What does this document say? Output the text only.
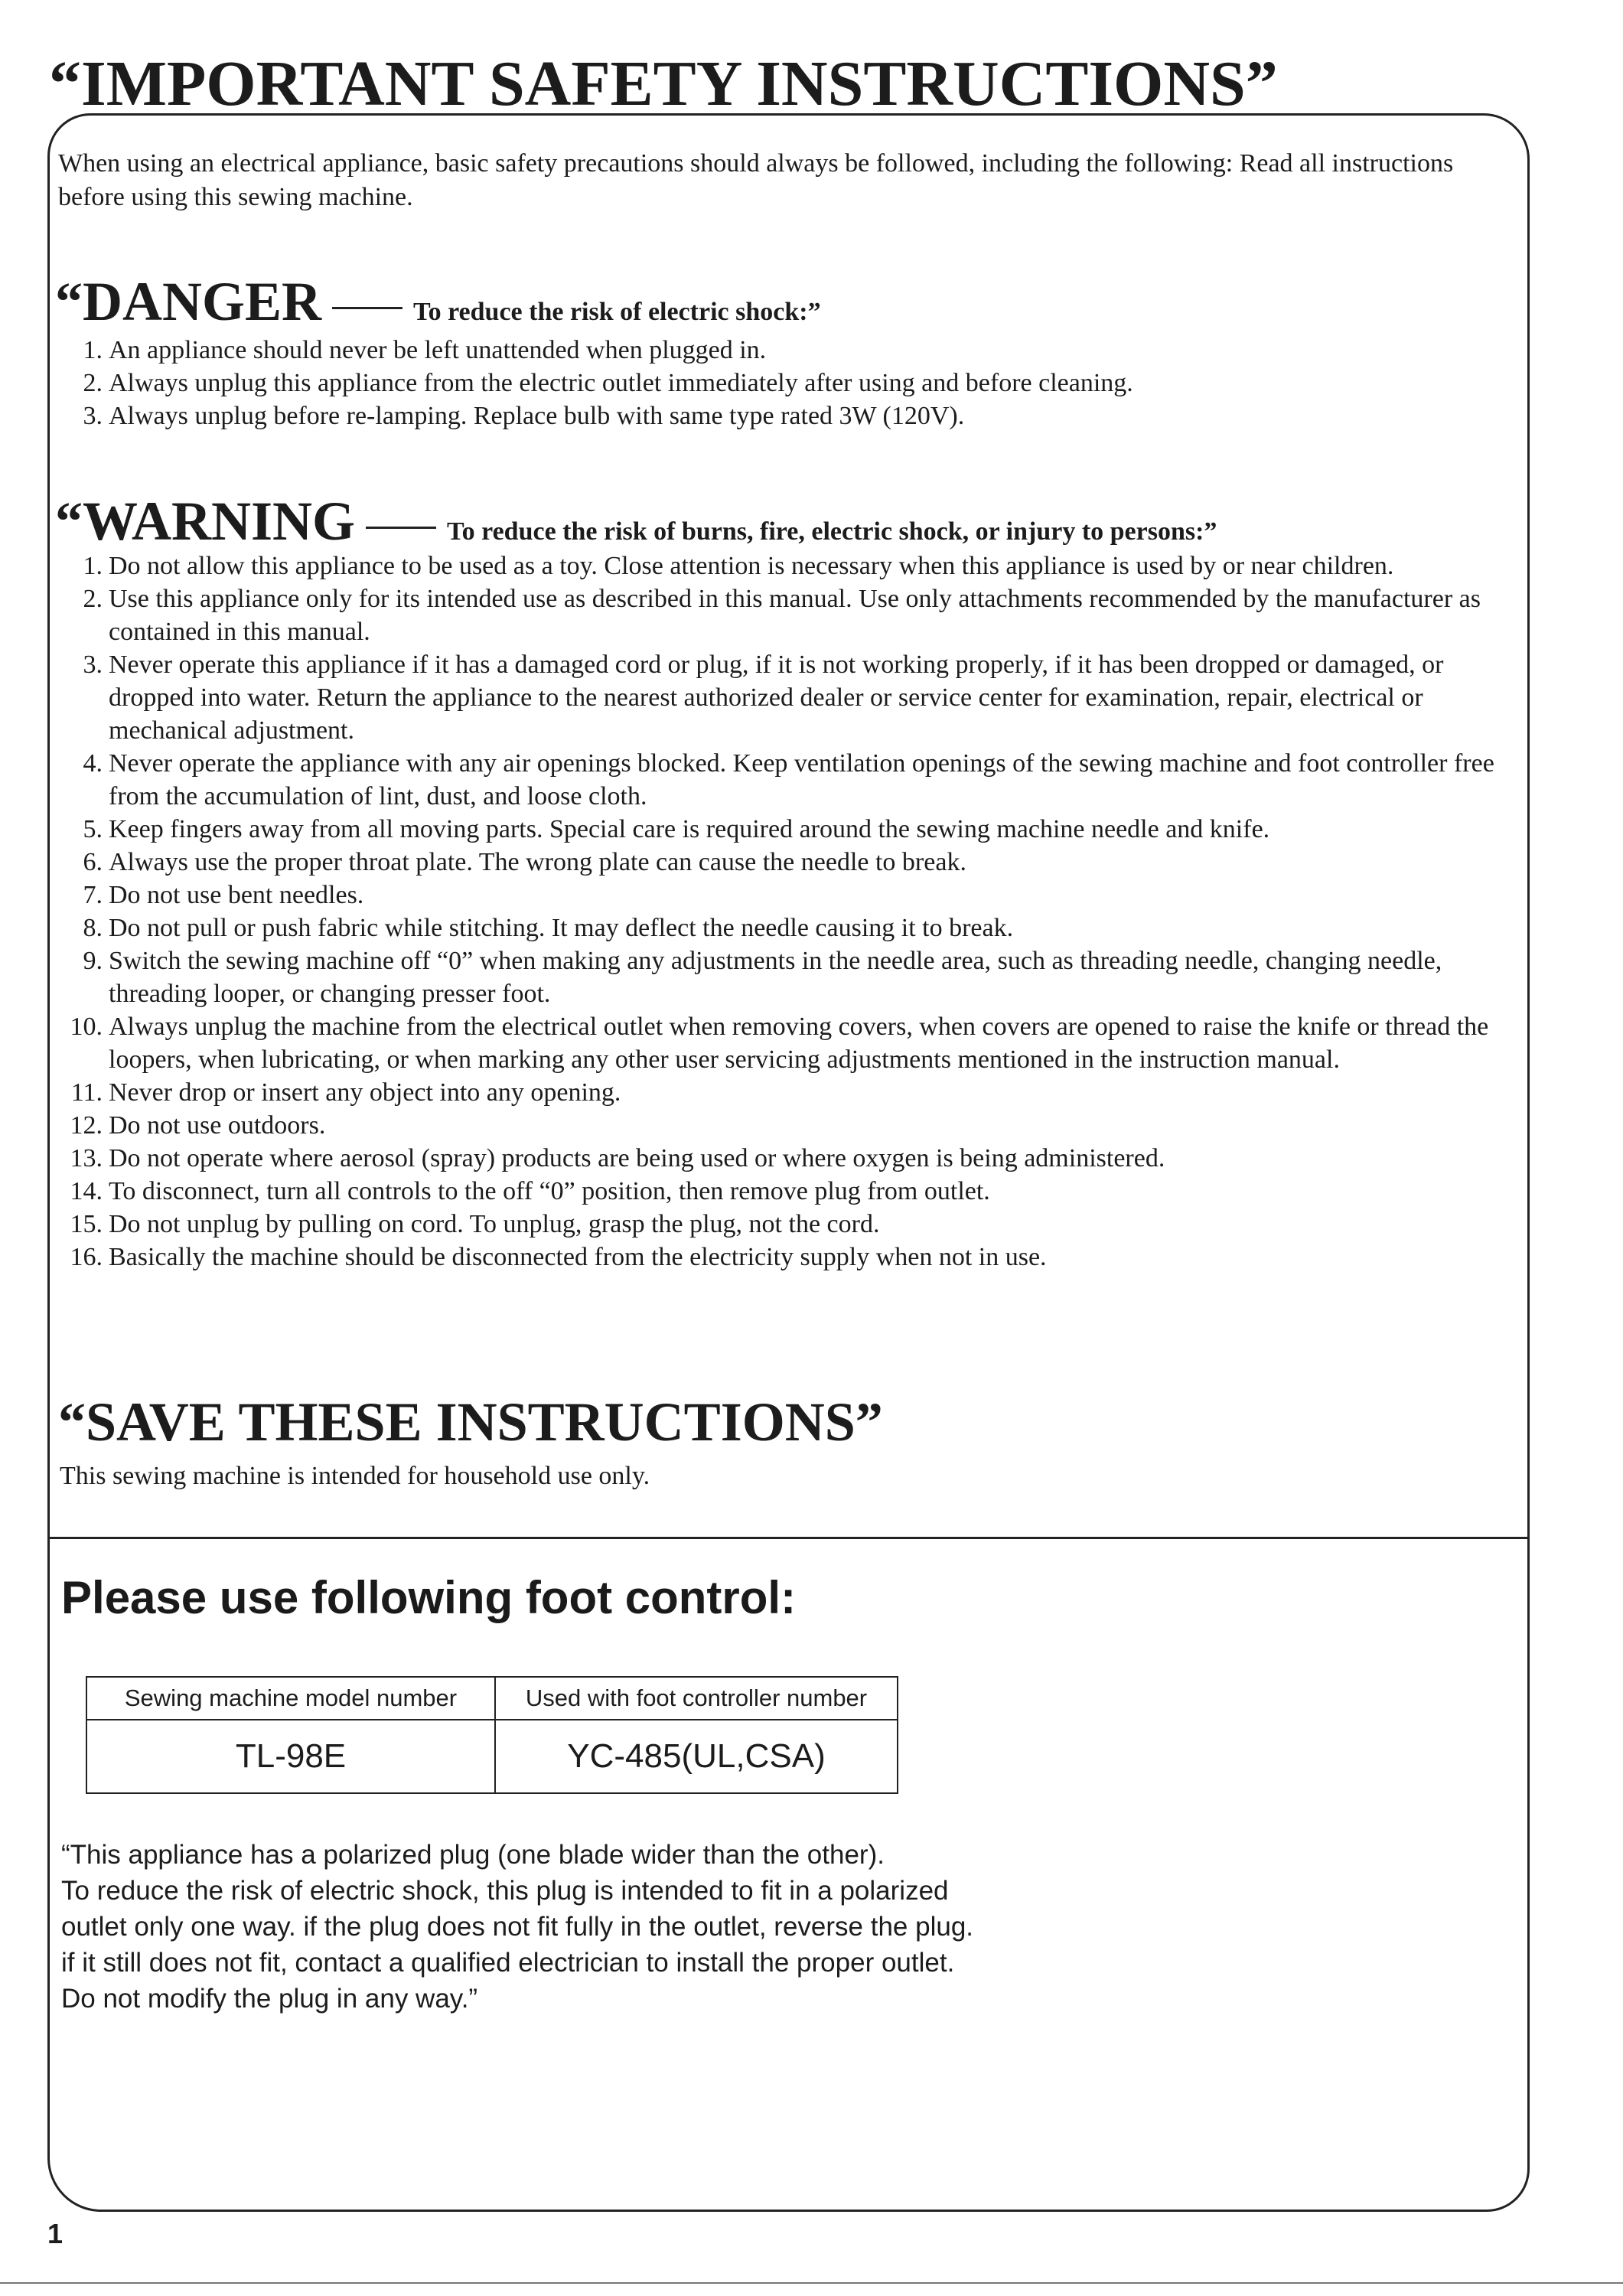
“IMPORTANT SAFETY INSTRUCTIONS”

When using an electrical appliance, basic safety precautions should always be followed, including the following: Read all instructions before using this sewing machine.

“DANGER	To reduce the risk of electric shock:”
1. An appliance should never be left unattended when plugged in.
2. Always unplug this appliance from the electric outlet immediately after using and before cleaning.
3. Always unplug before re-lamping. Replace bulb with same type rated 3W (120V).
“WARNING	To reduce the risk of burns, fire, electric shock, or injury to persons:”
1. Do not allow this appliance to be used as a toy. Close attention is necessary when this appliance is used by or near children.
2. Use this appliance only for its intended use as described in this manual. Use only attachments recommended by the manufacturer as contained in this manual.
3. Never operate this appliance if it has a damaged cord or plug, if it is not working properly, if it has been dropped or damaged, or dropped into water. Return the appliance to the nearest authorized dealer or service center for examination, repair, electrical or mechanical adjustment.
4. Never operate the appliance with any air openings blocked. Keep ventilation openings of the sewing machine and foot controller free from the accumulation of lint, dust, and loose cloth.
5. Keep fingers away from all moving parts. Special care is required around the sewing machine needle and knife.
6. Always use the proper throat plate. The wrong plate can cause the needle to break.
7. Do not use bent needles.
8. Do not pull or push fabric while stitching. It may deflect the needle causing it to break.
9. Switch the sewing machine off “0” when making any adjustments in the needle area, such as threading needle, changing needle, threading looper, or changing presser foot.
10. Always unplug the machine from the electrical outlet when removing covers, when covers are opened to raise the knife or thread the loopers, when lubricating, or when marking any other user servicing adjustments mentioned in the instruction manual.
11. Never drop or insert any object into any opening.
12. Do not use outdoors.
13. Do not operate where aerosol (spray) products are being used or where oxygen is being administered.
14. To disconnect, turn all controls to the off “0” position, then remove plug from outlet.
15. Do not unplug by pulling on cord. To unplug, grasp the plug, not the cord.
16. Basically the machine should be disconnected from the electricity supply when not in use.
“SAVE THESE INSTRUCTIONS”

This sewing machine is intended for household use only.

Please use following foot control:
Sewing machine model number	Used with foot controller number
TL-98E	YC-485(UL,CSA)

“This appliance has a polarized plug (one blade wider than the other).
To reduce the risk of electric shock, this plug is intended to fit in a polarized
outlet only one way. if the plug does not fit fully in the outlet, reverse the plug.
if it still does not fit, contact a qualified electrician to install the proper outlet.
Do not modify the plug in any way.”

1
